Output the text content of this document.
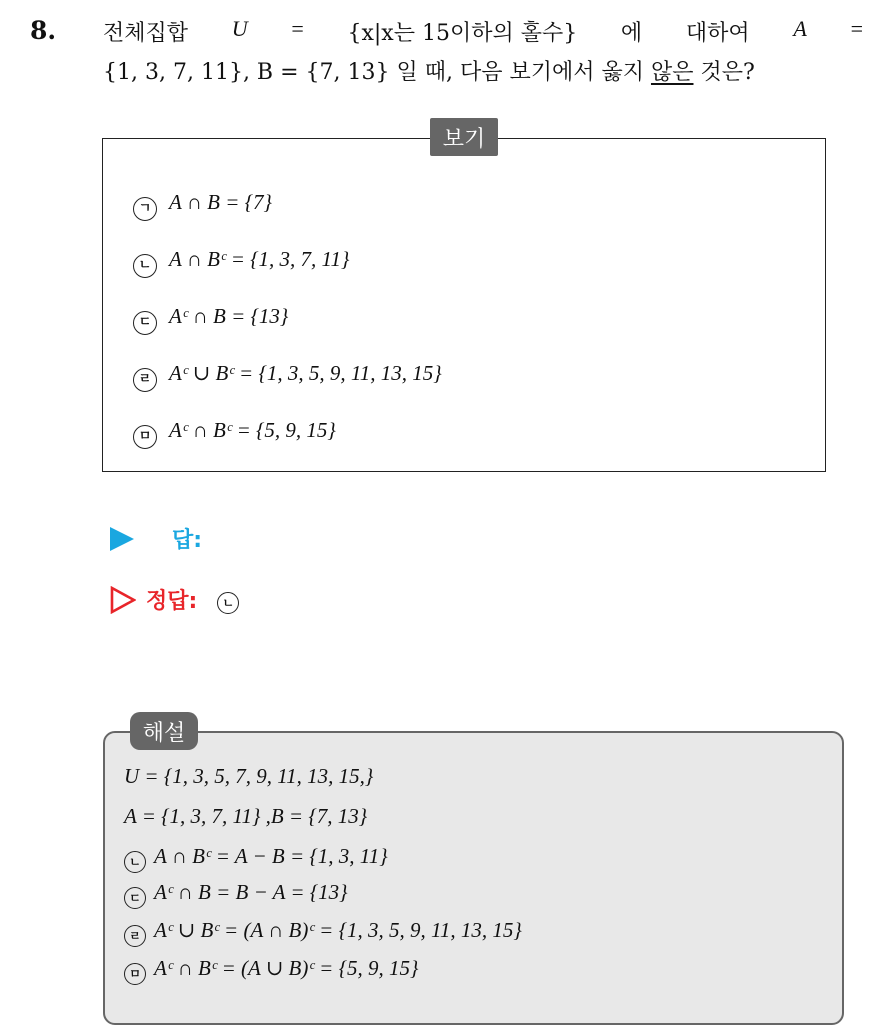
8. 전체집합 U = {x|x는 15이하의 홀수} 에 대하여 A =
{1, 3, 7, 11}, B = {7, 13} 일 때, 다음 보기에서 옳지 않은 것은?
보기
ㄱ A ∩ B = {7}
ㄴ A ∩ Bᶜ = {1, 3, 7, 11}
ㄷ Aᶜ ∩ B = {13}
ㄹ Aᶜ ∪ Bᶜ = {1, 3, 5, 9, 11, 13, 15}
ㅁ Aᶜ ∩ Bᶜ = {5, 9, 15}
답:
정답:	ㄴ
해설
U = {1, 3, 5, 7, 9, 11, 13, 15,}
A = {1, 3, 7, 11} ,B = {7, 13}
ㄴ A ∩ Bᶜ = A − B = {1, 3, 11}
ㄷ Aᶜ ∩ B = B − A = {13}
ㄹ Aᶜ ∪ Bᶜ = (A ∩ B)ᶜ = {1, 3, 5, 9, 11, 13, 15}
ㅁ Aᶜ ∩ Bᶜ = (A ∪ B)ᶜ = {5, 9, 15}
